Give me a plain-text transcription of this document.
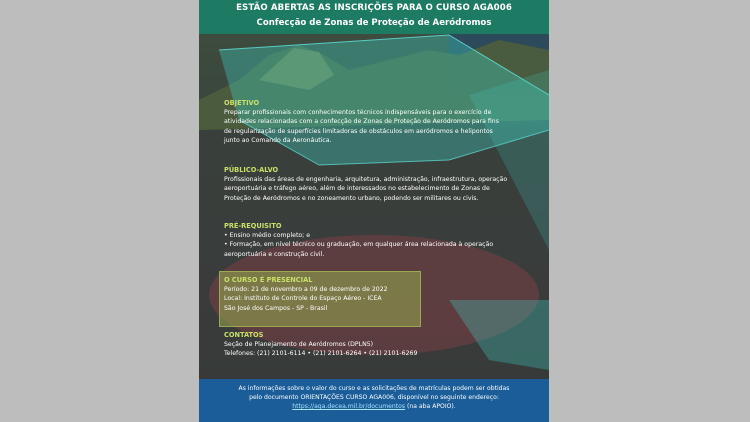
ESTÃO ABERTAS AS INSCRIÇÕES PARA O CURSO AGA006
Confecção de Zonas de Proteção de Aeródromos
OBJETIVO

Preparar profissionais com conhecimentos técnicos indispensáveis para o exercício de

atividades relacionadas com a confecção de Zonas de Proteção de Aeródromos para fins

de regularização de superfícies limitadoras de obstáculos em aeródromos e helipontos

junto ao Comando da Aeronáutica.

PÚBLICO-ALVO

Profissionais das áreas de engenharia, arquitetura, administração, infraestrutura, operação

aeroportuária e tráfego aéreo, além de interessados no estabelecimento de Zonas de

Proteção de Aeródromos e no zoneamento urbano, podendo ser militares ou civis.

PRÉ-REQUISITO

• Ensino médio completo; e

• Formação, em nível técnico ou graduação, em qualquer área relacionada à operação

aeroportuária e construção civil.

O CURSO É PRESENCIAL

Período: 21 de novembro a 09 de dezembro de 2022

Local: Instituto de Controle do Espaço Aéreo - ICEA

São José dos Campos - SP - Brasil

CONTATOS

Seção de Planejamento de Aeródromos (DPLN5)

Telefones: (21) 2101-6114 • (21) 2101-6264 • (21) 2101-6269

As informações sobre o valor do curso e as solicitações de matrículas podem ser obtidas
pelo documento ORIENTAÇÕES CURSO AGA006, disponível no seguinte endereço:
https://aga.decea.mil.br/documentos (na aba APOIO).
